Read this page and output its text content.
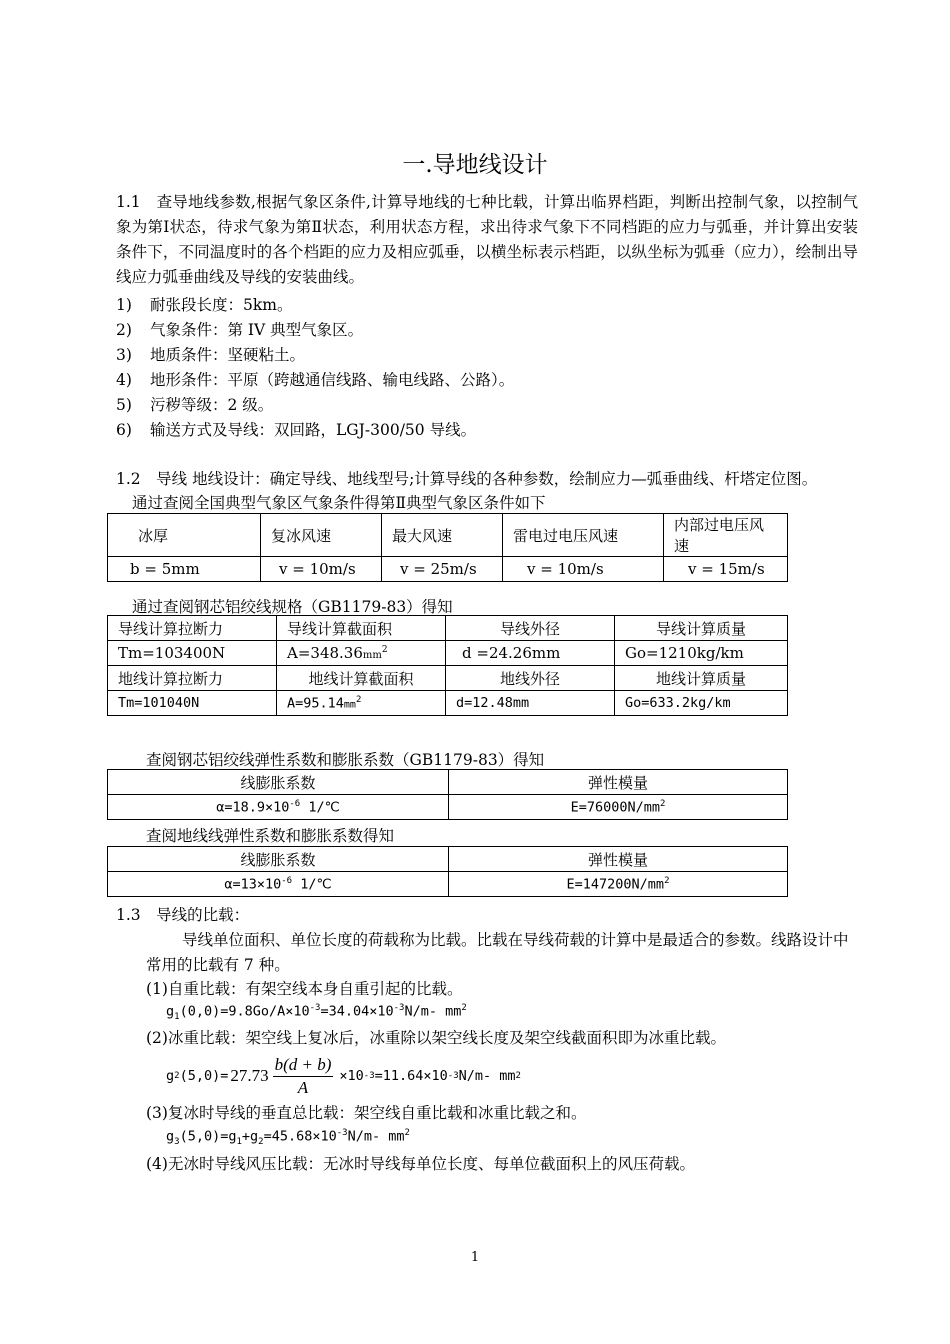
一.导地线设计
1.1　查导地线参数,根据气象区条件,计算导地线的七种比载，计算出临界档距，判断出控制气象，以控制气象为第Ⅰ状态，待求气象为第Ⅱ状态，利用状态方程，求出待求气象下不同档距的应力与弧垂，并计算出安装条件下，不同温度时的各个档距的应力及相应弧垂，以横坐标表示档距，以纵坐标为弧垂（应力），绘制出导线应力弧垂曲线及导线的安装曲线。
1) 耐张段长度：5km。
2) 气象条件：第 IV 典型气象区。
3) 地质条件：坚硬粘土。
4) 地形条件：平原（跨越通信线路、输电线路、公路）。
5) 污秽等级：2 级。
6) 输送方式及导线：双回路，LGJ-300/50 导线。
1.2　导线 地线设计：确定导线、地线型号;计算导线的各种参数，绘制应力—弧垂曲线、杆塔定位图。
通过查阅全国典型气象区气象条件得第Ⅱ典型气象区条件如下
冰厚	复冰风速	最大风速	雷电过电压风速	内部过电压风速
b = 5mm	v = 10m/s	v = 25m/s	v = 10m/s	v = 15m/s
通过查阅钢芯铝绞线规格（GB1179-83）得知
导线计算拉断力	导线计算截面积	导线外径	导线计算质量
Tm=103400N	$A=348.36mm^2$	d =24.26mm	Go=1210kg/km
地线计算拉断力	地线计算截面积	地线外径	地线计算质量
Tm=101040N	$A=95.14mm^2$	d=12.48mm	Go=633.2kg/km
查阅钢芯铝绞线弹性系数和膨胀系数（GB1179-83）得知
线膨胀系数	弹性模量
$\alpha=18.9\times 10^{-6}$ 1/℃	$E=76000N/mm^2$
查阅地线线弹性系数和膨胀系数得知
线膨胀系数	弹性模量
$\alpha=13\times 10^{-6}$ 1/℃	$E=147200N/mm^2$
1.3　导线的比载：
导线单位面积、单位长度的荷载称为比载。比载在导线荷载的计算中是最适合的参数。线路设计中常用的比载有 7 种。
(1)自重比载：有架空线本身自重引起的比载。
$g_1(0,0)=9.8Go/A\times 10^{-3}=34.04\times 10^{-3}N/m-$ $mm^2$
(2)冰重比载：架空线上复冰后，冰重除以架空线长度及架空线截面积即为冰重比载。
g 2 $(5,0)= 27.73 \frac{b(d + b)}{A} \times 10$ -3 =11.64×10 -3 N/m- mm 2
(3)复冰时导线的垂直总比载：架空线自重比载和冰重比载之和。
$g_3(5,0)=g_1+g_2=45.68\times 10^{-3}N/m-$ $mm^2$
(4)无冰时导线风压比载：无冰时导线每单位长度、每单位截面积上的风压荷载。
1
